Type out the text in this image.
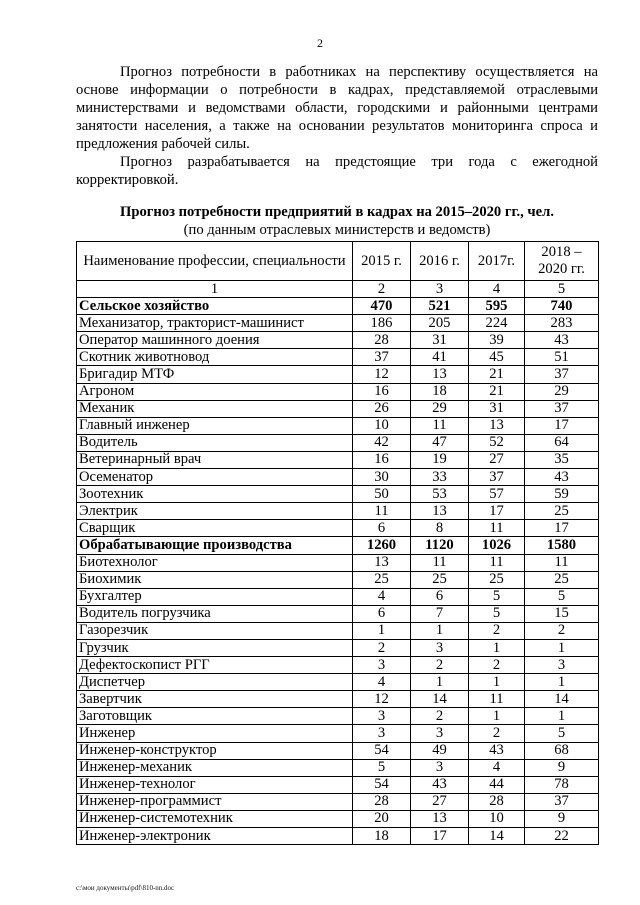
2

Прогноз потребности в работниках на перспективу осуществляется на основе информации о потребности в кадрах, представляемой отраслевыми министерствами и ведомствами области, городскими и районными центрами занятости населения, а также на основании результатов мониторинга спроса и предложения рабочей силы.

Прогноз разрабатывается на предстоящие три года с ежегодной корректировкой.

Прогноз потребности предприятий в кадрах на 2015–2020 гг., чел.
(по данным отраслевых министерств и ведомств)
Наименование профессии, специальности	2015 г.	2016 г.	2017г.	2018 – 2020 гг.
1	2	3	4	5
Сельское хозяйство	470	521	595	740
Механизатор, тракторист-машинист	186	205	224	283
Оператор машинного доения	28	31	39	43
Скотник животновод	37	41	45	51
Бригадир МТФ	12	13	21	37
Агроном	16	18	21	29
Механик	26	29	31	37
Главный инженер	10	11	13	17
Водитель	42	47	52	64
Ветеринарный врач	16	19	27	35
Осеменатор	30	33	37	43
Зоотехник	50	53	57	59
Электрик	11	13	17	25
Сварщик	6	8	11	17
Обрабатывающие производства	1260	1120	1026	1580
Биотехнолог	13	11	11	11
Биохимик	25	25	25	25
Бухгалтер	4	6	5	5
Водитель погрузчика	6	7	5	15
Газорезчик	1	1	2	2
Грузчик	2	3	1	1
Дефектоскопист РГГ	3	2	2	3
Диспетчер	4	1	1	1
Завертчик	12	14	11	14
Заготовщик	3	2	1	1
Инженер	3	3	2	5
Инженер-конструктор	54	49	43	68
Инженер-механик	5	3	4	9
Инженер-технолог	54	43	44	78
Инженер-программист	28	27	28	37
Инженер-системотехник	20	13	10	9
Инженер-электроник	18	17	14	22
c:\мои документы\pdf\810-nn.doc
